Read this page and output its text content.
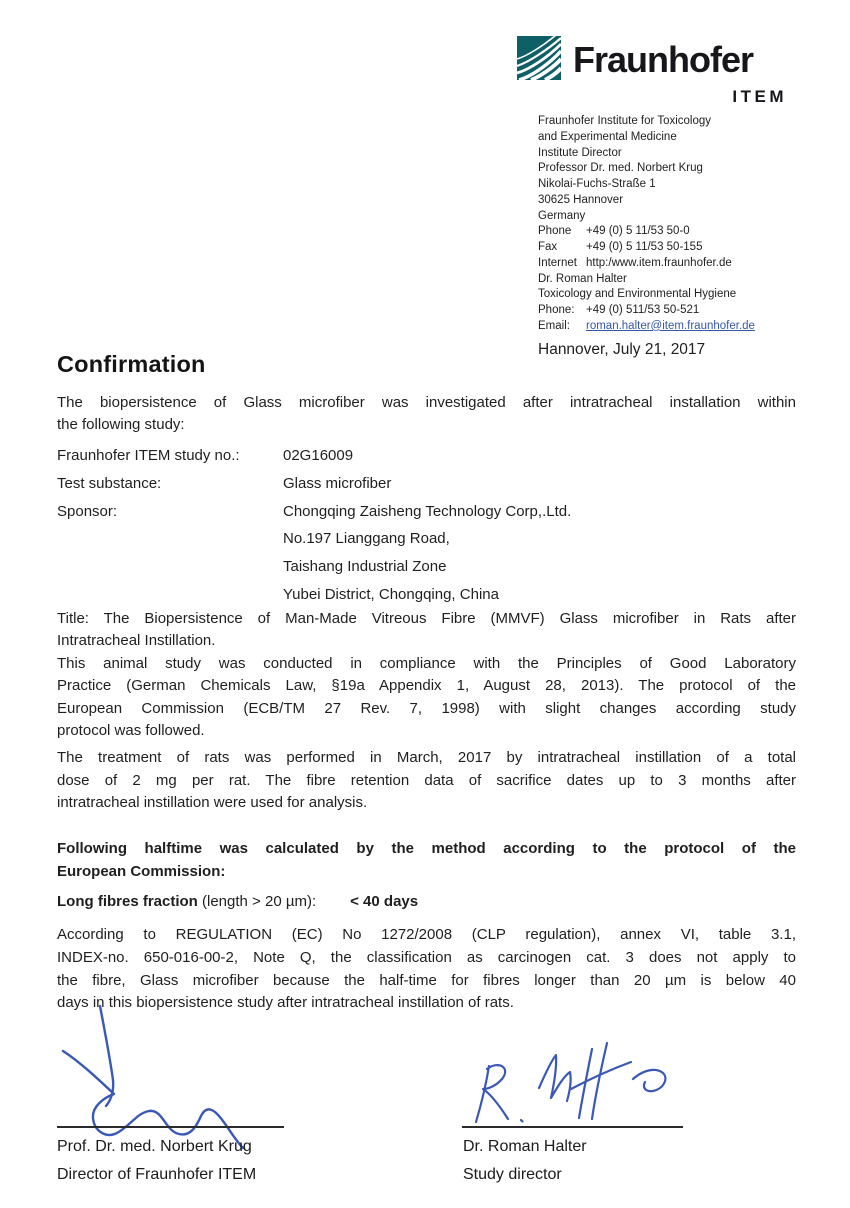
Fraunhofer
ITEM
Fraunhofer Institute for Toxicology
and Experimental Medicine
Institute Director
Professor Dr. med. Norbert Krug
Nikolai-Fuchs-Straße 1
30625 Hannover
Germany
Phone +49 (0) 5 11/53 50-0
Fax	+49 (0) 5 11/53 50-155
Internet http:/www.item.fraunhofer.de
Dr. Roman Halter
Toxicology and Environmental Hygiene
Phone: +49 (0) 511/53 50-521
Email: roman.halter@item.fraunhofer.de
Hannover, July 21, 2017
Confirmation
The biopersistence of Glass microfiber was investigated after intratracheal installation within
the following study:
Fraunhofer ITEM study no.:	02G16009
Test substance:	Glass microfiber
Sponsor:	Chongqing Zaisheng Technology Corp,.Ltd.
No.197 Lianggang Road,
Taishang Industrial Zone
Yubei District, Chongqing, China
Title: The Biopersistence of Man-Made Vitreous Fibre (MMVF) Glass microfiber in Rats after
Intratracheal Instillation.
This animal study was conducted in compliance with the Principles of Good Laboratory
Practice (German Chemicals Law, §19a Appendix 1, August 28, 2013). The protocol of the
European Commission (ECB/TM 27 Rev. 7, 1998) with slight changes according study
protocol was followed.
The treatment of rats was performed in March, 2017 by intratracheal instillation of a total
dose of 2 mg per rat. The fibre retention data of sacrifice dates up to 3 months after
intratracheal instillation were used for analysis.
Following halftime was calculated by the method according to the protocol of the
European Commission:
Long fibres fraction (length > 20 µm): < 40 days
According to REGULATION (EC) No 1272/2008 (CLP regulation), annex VI, table 3.1,
INDEX-no. 650-016-00-2, Note Q, the classification as carcinogen cat. 3 does not apply to
the fibre, Glass microfiber because the half-time for fibres longer than 20 µm is below 40
days in this biopersistence study after intratracheal instillation of rats.
Prof. Dr. med. Norbert Krug
Director of Fraunhofer ITEM
Dr. Roman Halter
Study director
